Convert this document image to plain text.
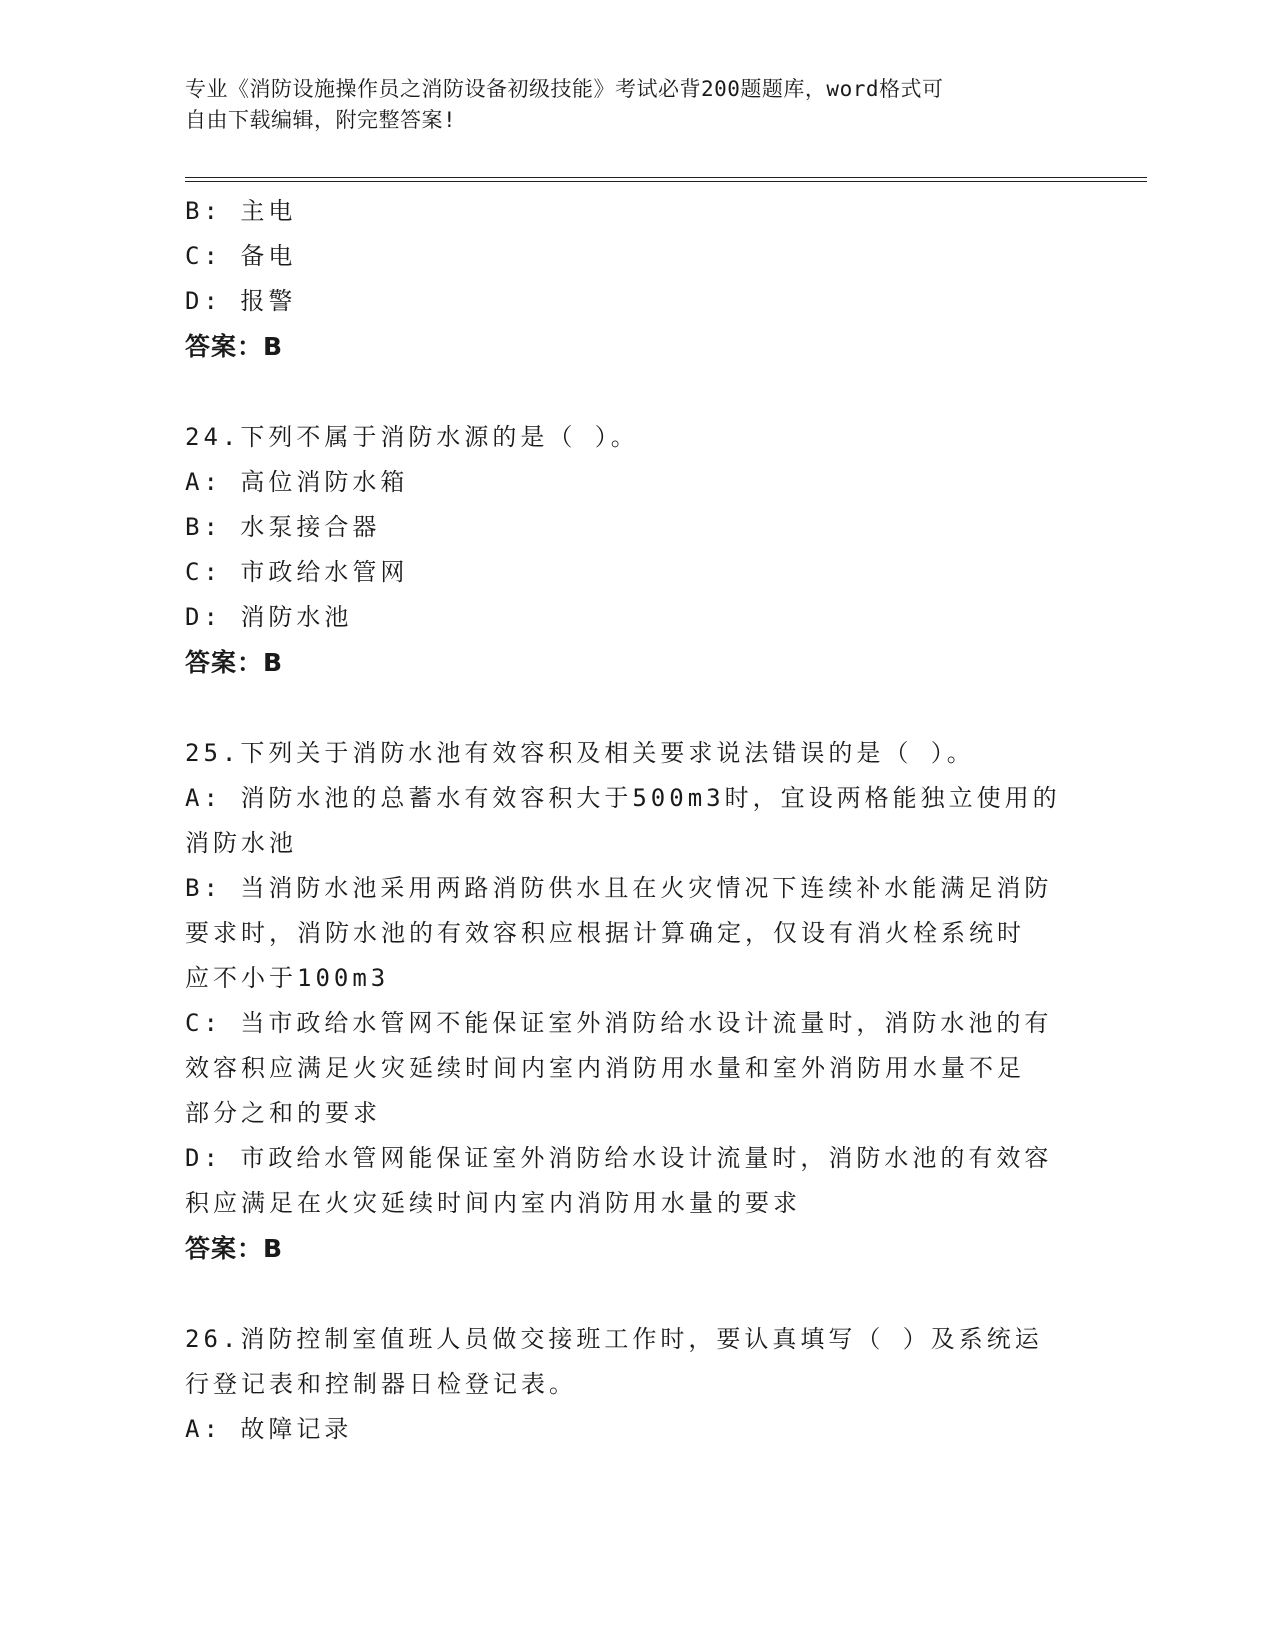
专业《消防设施操作员之消防设备初级技能》考试必背200题题库，word格式可
自由下载编辑，附完整答案!
B: 主电
C: 备电
D: 报警
答案：B
24.下列不属于消防水源的是（ ）。
A: 高位消防水箱
B: 水泵接合器
C: 市政给水管网
D: 消防水池
答案：B
25.下列关于消防水池有效容积及相关要求说法错误的是（ ）。
A: 消防水池的总蓄水有效容积大于500m3时，宜设两格能独立使用的
消防水池
B: 当消防水池采用两路消防供水且在火灾情况下连续补水能满足消防
要求时，消防水池的有效容积应根据计算确定，仅设有消火栓系统时
应不小于100m3
C: 当市政给水管网不能保证室外消防给水设计流量时，消防水池的有
效容积应满足火灾延续时间内室内消防用水量和室外消防用水量不足
部分之和的要求
D: 市政给水管网能保证室外消防给水设计流量时，消防水池的有效容
积应满足在火灾延续时间内室内消防用水量的要求
答案：B
26.消防控制室值班人员做交接班工作时，要认真填写（ ）及系统运
行登记表和控制器日检登记表。
A: 故障记录
